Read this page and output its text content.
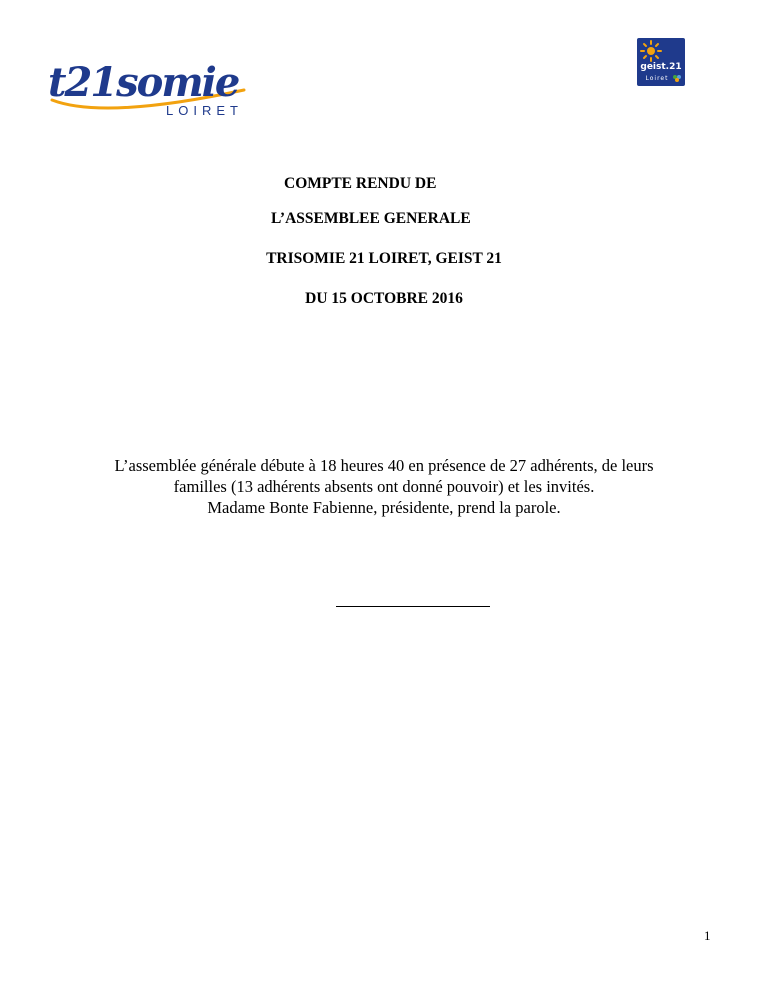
t21somie
LOIRET
geist.21
Loiret
COMPTE RENDU DE
L’ASSEMBLEE GENERALE
TRISOMIE 21 LOIRET, GEIST 21
DU 15 OCTOBRE 2016

L’assemblée générale débute à 18 heures 40 en présence de 27 adhérents, de leurs

familles (13 adhérents absents ont donné pouvoir) et les invités.

Madame Bonte Fabienne, présidente, prend la parole.

1
